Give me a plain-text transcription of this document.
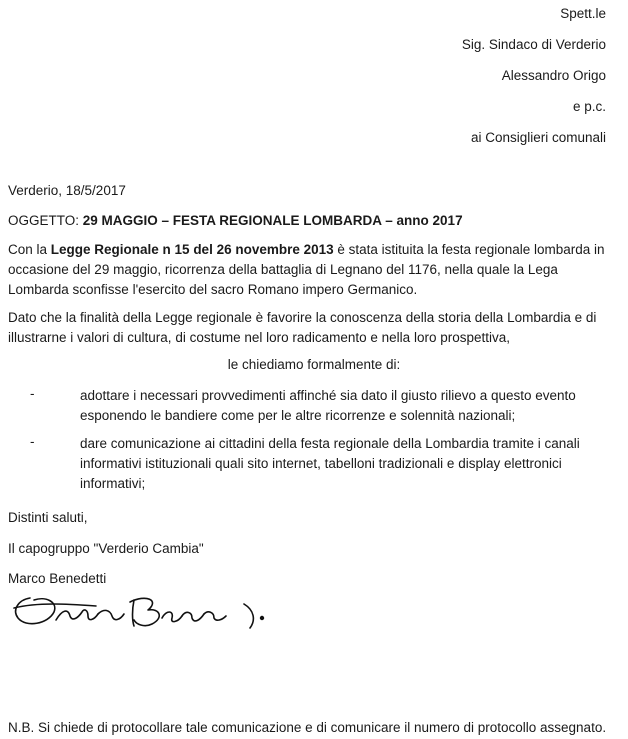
Spett.le
Sig. Sindaco di Verderio
Alessandro Origo
e p.c.
ai Consiglieri comunali
Verderio, 18/5/2017
OGGETTO: 29 MAGGIO – FESTA REGIONALE LOMBARDA – anno 2017
Con la Legge Regionale n 15 del 26 novembre 2013 è stata istituita la festa regionale lombarda in occasione del 29 maggio, ricorrenza della battaglia di Legnano del 1176, nella quale la Lega Lombarda sconfisse l'esercito del sacro Romano impero Germanico.
Dato che la finalità della Legge regionale è favorire la conoscenza della storia della Lombardia e di illustrarne i valori di cultura, di costume nel loro radicamento e nella loro prospettiva,
le chiediamo formalmente di:
-	adottare i necessari provvedimenti affinché sia dato il giusto rilievo a questo evento esponendo le bandiere come per le altre ricorrenze e solennità nazionali;
-	dare comunicazione ai cittadini della festa regionale della Lombardia tramite i canali informativi istituzionali quali sito internet, tabelloni tradizionali e display elettronici informativi;
Distinti saluti,
Il capogruppo "Verderio Cambia"
Marco Benedetti
N.B. Si chiede di protocollare tale comunicazione e di comunicare il numero di protocollo assegnato.
